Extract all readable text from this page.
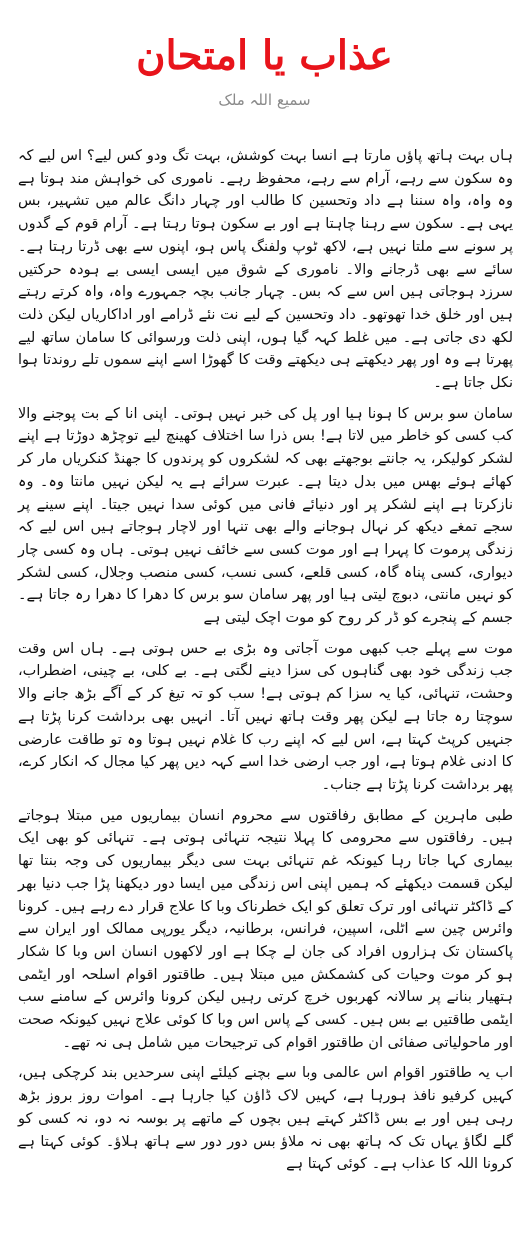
عذاب یا امتحان
سمیع اللہ ملک

ہاں بہت ہاتھ پاؤں مارتا ہے انسا بہت کوشش، بہت تگ ودو کس لیے؟ اس لیے کہ وہ سکون سے رہے، آرام سے رہے، محفوظ رہے۔ ناموری کی خواہش مند ہوتا ہے وہ واہ، واہ سننا ہے داد وتحسین کا طالب اور چہار دانگ عالم میں تشہیر، بس یہی ہے۔ سکون سے رہنا چاہتا ہے اور بے سکون ہوتا رہتا ہے۔ آرام قوم کے گدوں پر سونے سے ملتا نہیں ہے، لاکھ ٹوپ ولفنگ پاس ہو، اپنوں سے بھی ڈرتا رہتا ہے۔ سائے سے بھی ڈرجانے والا۔ ناموری کے شوق میں ایسی ایسی بے ہودہ حرکتیں سرزد ہوجاتی ہیں اس سے کہ بس۔ چہار جانب بچہ جمہورے واہ، واہ کرتے رہتے ہیں اور خلق خدا تھوتھو۔ داد وتحسین کے لیے نت نئے ڈرامے اور اداکاریاں لیکن ذلت لکھ دی جاتی ہے۔ میں غلط کہہ گیا ہوں، اپنی ذلت ورسوائی کا سامان ساتھ لیے پھرتا ہے وہ اور پھر دیکھتے ہی دیکھتے وقت کا گھوڑا اسے اپنے سموں تلے روندتا ہوا نکل جاتا ہے۔

سامان سو برس کا ہونا ہیا اور پل کی خبر نہیں ہوتی۔ اپنی انا کے بت پوجنے والا کب کسی کو خاطر میں لاتا ہے! بس ذرا سا اختلاف کھینچ لیے توچڑھ دوڑتا ہے اپنے لشکر کولیکر، یہ جانتے بوجھتے بھی کہ لشکروں کو پرندوں کا جھنڈ کنکریاں مار کر کھائے ہوئے بھس میں بدل دیتا ہے۔ عبرت سرائے ہے یہ لیکن نہیں مانتا وہ۔ وہ نازکرتا ہے اپنے لشکر پر اور دنیائے فانی میں کوئی سدا نہیں جیتا۔ اپنے سینے پر سجے تمغے دیکھ کر نہال ہوجانے والے بھی تنہا اور لاچار ہوجاتے ہیں اس لیے کہ زندگی پرموت کا پہرا ہے اور موت کسی سے خائف نہیں ہوتی۔ ہاں وہ کسی چار دیواری، کسی پناہ گاہ، کسی قلعے، کسی نسب، کسی منصب وجلال، کسی لشکر کو نہیں مانتی، دبوچ لیتی ہیا اور پھر سامان سو برس کا دھرا کا دھرا رہ جاتا ہے۔ جسم کے پنجرے کو ڈر کر روح کو موت اچک لیتی ہے

موت سے پہلے جب کبھی موت آجاتی وہ بڑی بے حس ہوتی ہے۔ ہاں اس وقت جب زندگی خود بھی گناہوں کی سزا دینے لگتی ہے۔ بے کلی، بے چینی، اضطراب، وحشت، تنہائی، کیا یہ سزا کم ہوتی ہے! سب کو تہ تیغ کر کے آگے بڑھ جانے والا سوچتا رہ جاتا ہے لیکن پھر وقت ہاتھ نہیں آتا۔ انہیں بھی برداشت کرنا پڑتا ہے جنہیں کرپٹ کہتا ہے، اس لیے کہ اپنے رب کا غلام نہیں ہوتا وہ تو طاقت عارضی کا ادنی غلام ہوتا ہے، اور جب ارضی خدا اسے کہہ دیں پھر کیا مجال کہ انکار کرے، پھر برداشت کرنا پڑتا ہے جناب۔

طبی ماہرین کے مطابق رفاقتوں سے محروم انسان بیماریوں میں مبتلا ہوجاتے ہیں۔ رفاقتوں سے محرومی کا پہلا نتیجہ تنہائی ہوتی ہے۔ تنہائی کو بھی ایک بیماری کہا جاتا رہا کیونکہ غم تنہائی بہت سی دیگر بیماریوں کی وجہ بنتا تھا لیکن قسمت دیکھئے کہ ہمیں اپنی اس زندگی میں ایسا دور دیکھنا پڑا جب دنیا بھر کے ڈاکٹر تنہائی اور ترک تعلق کو ایک خطرناک وبا کا علاج قرار دے رہے ہیں۔ کرونا وائرس چین سے اٹلی، اسپین، فرانس، برطانیہ، دیگر یورپی ممالک اور ایران سے پاکستان تک ہزاروں افراد کی جان لے چکا ہے اور لاکھوں انسان اس وبا کا شکار ہو کر موت وحیات کی کشمکش میں مبتلا ہیں۔ طاقتور اقوام اسلحہ اور ایٹمی ہتھیار بنانے پر سالانہ کھربوں خرچ کرتی رہیں لیکن کرونا وائرس کے سامنے سب ایٹمی طاقتیں بے بس ہیں۔ کسی کے پاس اس وبا کا کوئی علاج نہیں کیونکہ صحت اور ماحولیاتی صفائی ان طاقتور اقوام کی ترجیحات میں شامل ہی نہ تھے۔

اب یہ طاقتور اقوام اس عالمی وبا سے بچنے کیلئے اپنی سرحدیں بند کرچکی ہیں، کہیں کرفیو نافذ ہورہا ہے، کہیں لاک ڈاؤن کیا جارہا ہے۔ اموات روز بروز بڑھ رہی ہیں اور بے بس ڈاکٹر کہتے ہیں بچوں کے ماتھے پر بوسہ نہ دو، نہ کسی کو گلے لگاؤ یہاں تک کہ ہاتھ بھی نہ ملاؤ بس دور دور سے ہاتھ ہلاؤ۔ کوئی کہتا ہے کرونا اللہ کا عذاب ہے۔ کوئی کہتا ہے
